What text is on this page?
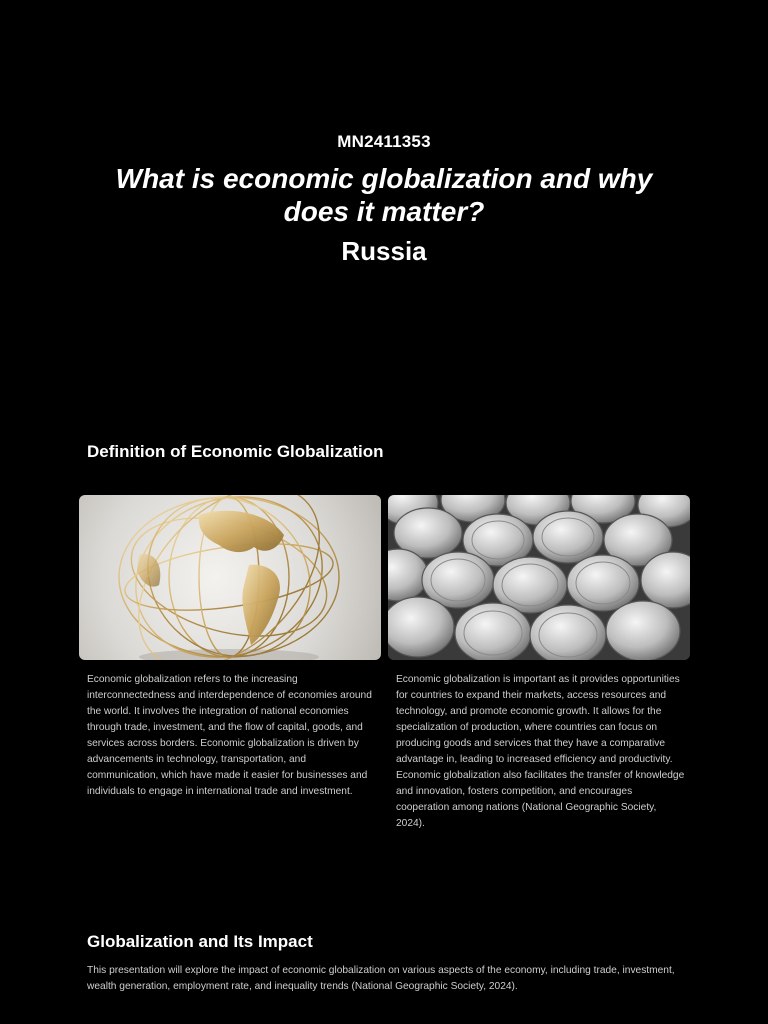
MN2411353
What is economic globalization and why does it matter?
Russia
Definition of Economic Globalization
Economic globalization refers to the increasing interconnectedness and interdependence of economies around the world. It involves the integration of national economies through trade, investment, and the flow of capital, goods, and services across borders. Economic globalization is driven by advancements in technology, transportation, and communication, which have made it easier for businesses and individuals to engage in international trade and investment.
Economic globalization is important as it provides opportunities for countries to expand their markets, access resources and technology, and promote economic growth. It allows for the specialization of production, where countries can focus on producing goods and services that they have a comparative advantage in, leading to increased efficiency and productivity. Economic globalization also facilitates the transfer of knowledge and innovation, fosters competition, and encourages cooperation among nations (National Geographic Society, 2024).
Globalization and Its Impact
This presentation will explore the impact of economic globalization on various aspects of the economy, including trade, investment, wealth generation, employment rate, and inequality trends (National Geographic Society, 2024).
